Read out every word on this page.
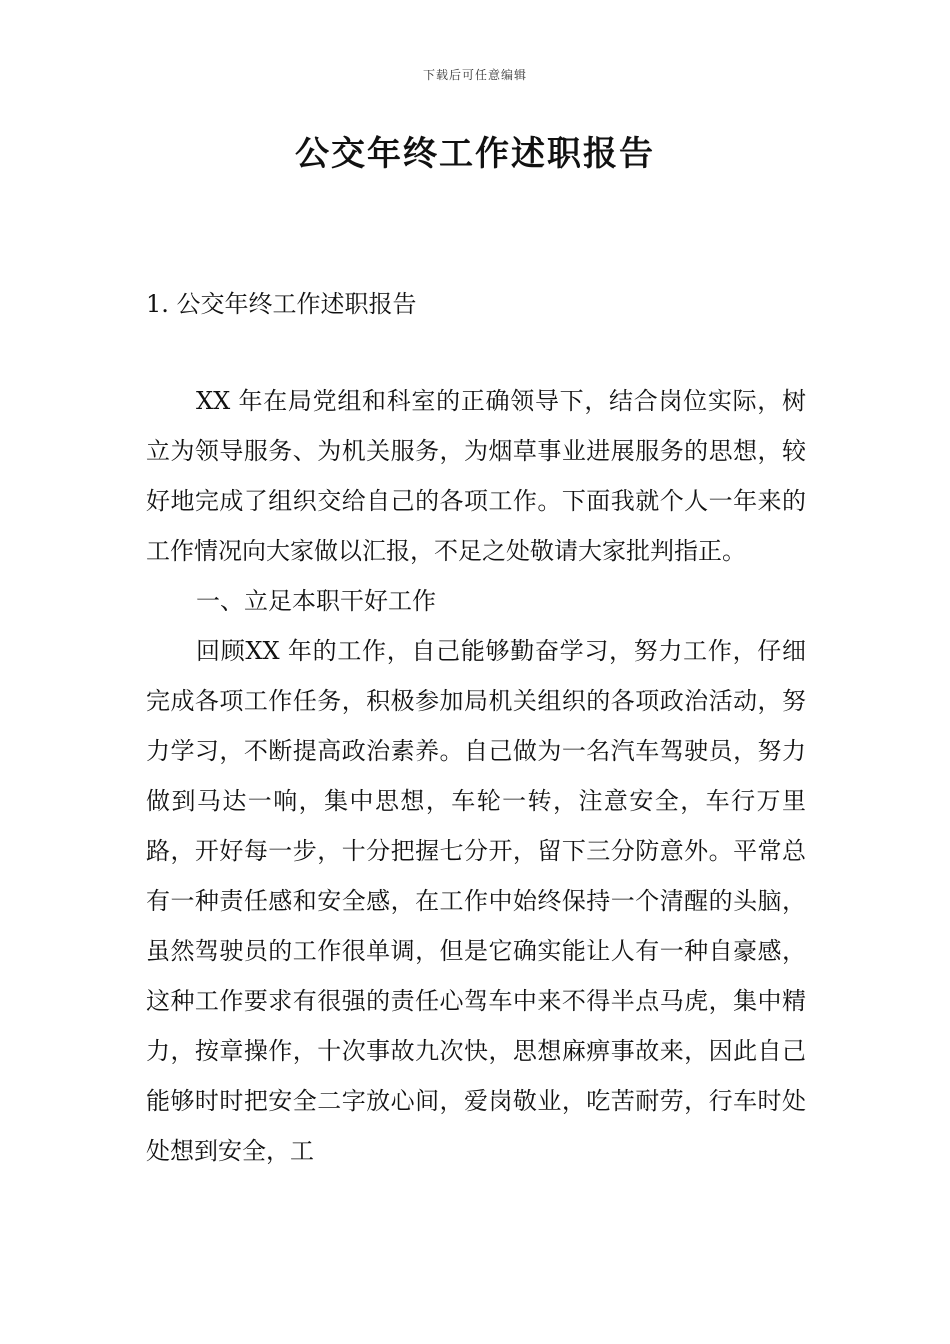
下载后可任意编辑
公交年终工作述职报告
1. 公交年终工作述职报告

XX 年在局党组和科室的正确领导下，结合岗位实际，树立为领导服务、为机关服务，为烟草事业进展服务的思想，较好地完成了组织交给自己的各项工作。下面我就个人一年来的工作情况向大家做以汇报，不足之处敬请大家批判指正。

一、立足本职干好工作

回顾XX 年的工作，自己能够勤奋学习，努力工作，仔细完成各项工作任务，积极参加局机关组织的各项政治活动，努力学习，不断提高政治素养。自己做为一名汽车驾驶员，努力做到马达一响，集中思想，车轮一转，注意安全，车行万里路，开好每一步，十分把握七分开，留下三分防意外。平常总有一种责任感和安全感，在工作中始终保持一个清醒的头脑，虽然驾驶员的工作很单调，但是它确实能让人有一种自豪感，这种工作要求有很强的责任心驾车中来不得半点马虎，集中精力，按章操作，十次事故九次快，思想麻痹事故来，因此自己能够时时把安全二字放心间，爱岗敬业，吃苦耐劳，行车时处处想到安全，工
